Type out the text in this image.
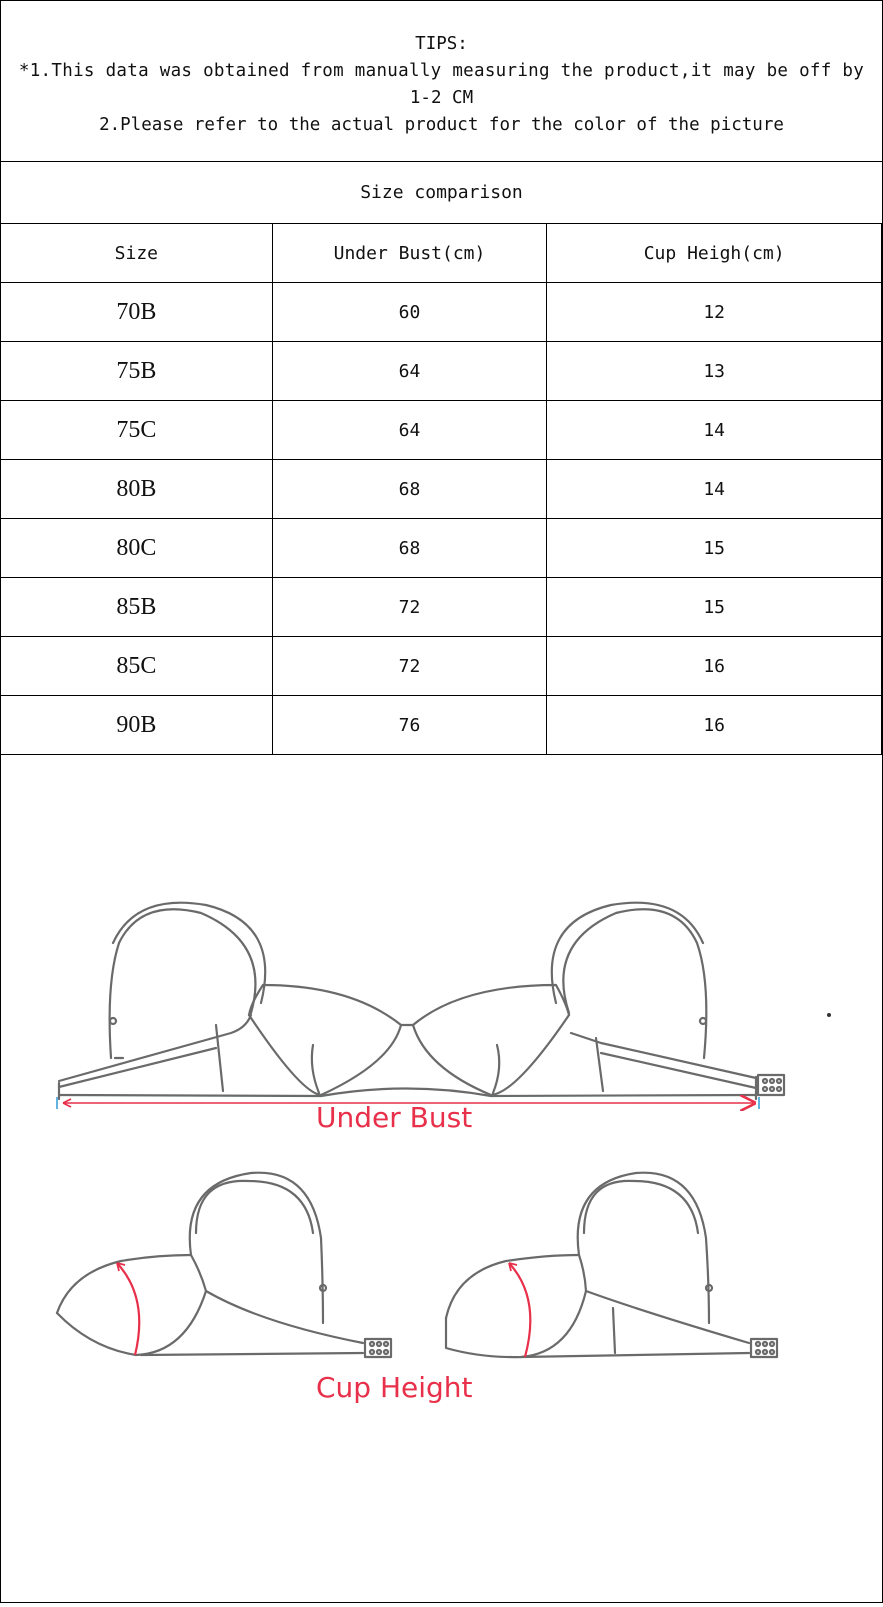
TIPS:
*1.This data was obtained from manually measuring the product,it may be off by
1-2 CM
2.Please refer to the actual product for the color of the picture
Size comparison
Size	Under Bust(cm)	Cup Heigh(cm)
70B	60	12
75B	64	13
75C	64	14
80B	68	14
80C	68	15
85B	72	15
85C	72	16
90B	76	16
Under Bust
Cup Height
